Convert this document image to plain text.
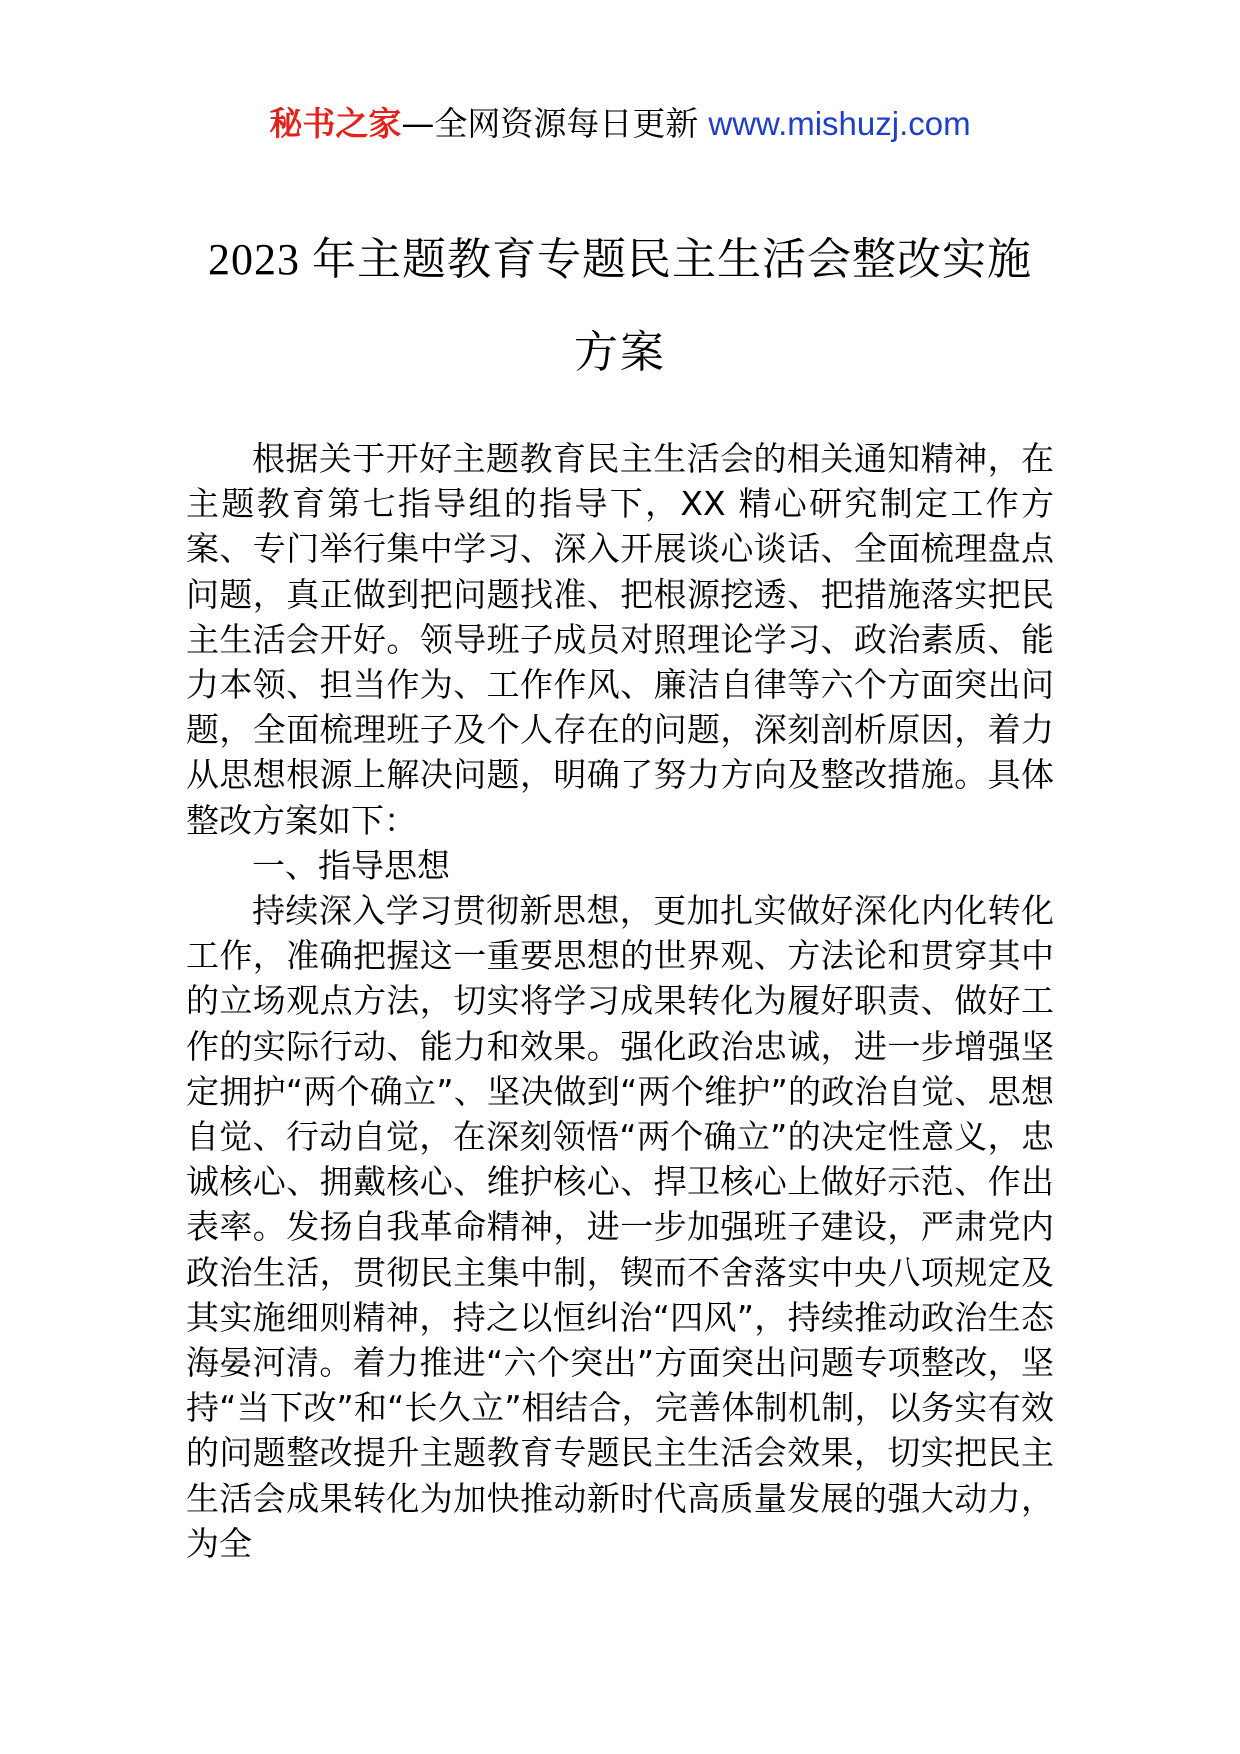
秘书之家—全网资源每日更新 www.mishuzj.com
2023 年主题教育专题民主生活会整改实施
方案

根据关于开好主题教育民主生活会的相关通知精神，在主题教育第七指导组的指导下，XX 精心研究制定工作方案、专门举行集中学习、深入开展谈心谈话、全面梳理盘点问题，真正做到把问题找准、把根源挖透、把措施落实把民主生活会开好。领导班子成员对照理论学习、政治素质、能力本领、担当作为、工作作风、廉洁自律等六个方面突出问题，全面梳理班子及个人存在的问题，深刻剖析原因，着力从思想根源上解决问题，明确了努力方向及整改措施。具体整改方案如下：

一、指导思想

持续深入学习贯彻新思想，更加扎实做好深化内化转化工作，准确把握这一重要思想的世界观、方法论和贯穿其中的立场观点方法，切实将学习成果转化为履好职责、做好工作的实际行动、能力和效果。强化政治忠诚，进一步增强坚定拥护“两个确立”、坚决做到“两个维护”的政治自觉、思想自觉、行动自觉，在深刻领悟“两个确立”的决定性意义，忠诚核心、拥戴核心、维护核心、捍卫核心上做好示范、作出表率。发扬自我革命精神，进一步加强班子建设，严肃党内政治生活，贯彻民主集中制，锲而不舍落实中央八项规定及其实施细则精神，持之以恒纠治“四风”，持续推动政治生态海晏河清。着力推进“六个突出”方面突出问题专项整改，坚持“当下改”和“长久立”相结合，完善体制机制，以务实有效的问题整改提升主题教育专题民主生活会效果，切实把民主生活会成果转化为加快推动新时代高质量发展的强大动力，为全
